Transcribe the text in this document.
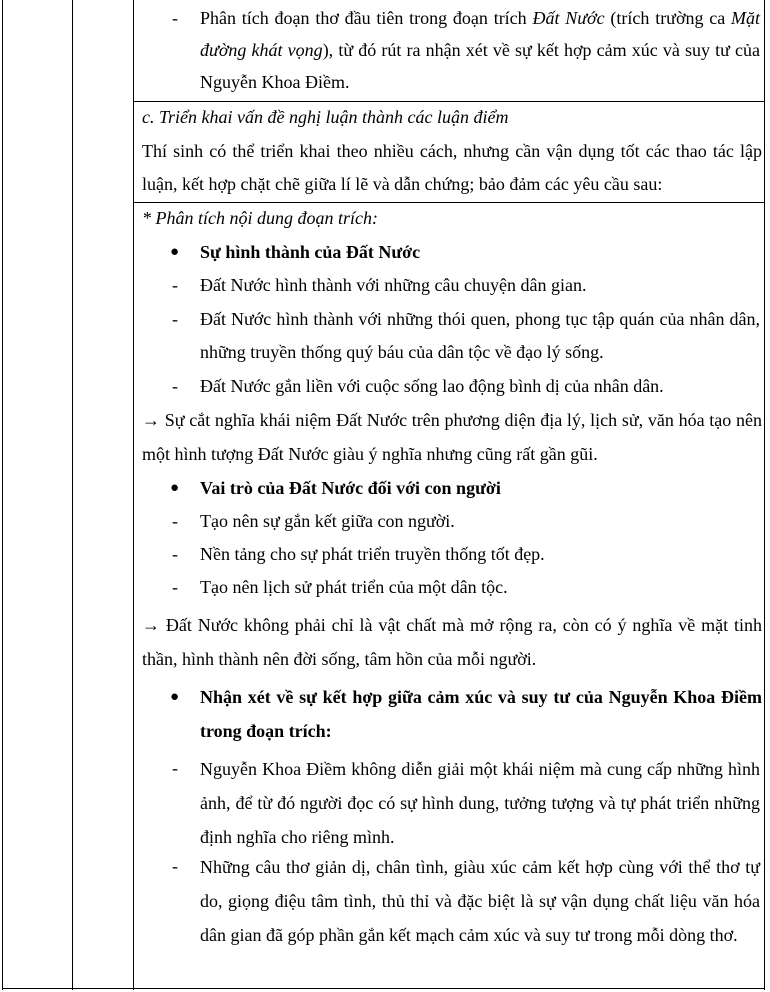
- Phân tích đoạn thơ đầu tiên trong đoạn trích Đất Nước (trích trường ca Mặt đường khát vọng), từ đó rút ra nhận xét về sự kết hợp cảm xúc và suy tư của Nguyễn Khoa Điềm.
c. Triển khai vấn đề nghị luận thành các luận điểm
Thí sinh có thể triển khai theo nhiều cách, nhưng cần vận dụng tốt các thao tác lập luận, kết hợp chặt chẽ giữa lí lẽ và dẫn chứng; bảo đảm các yêu cầu sau:
* Phân tích nội dung đoạn trích:
● Sự hình thành của Đất Nước
- Đất Nước hình thành với những câu chuyện dân gian.
- Đất Nước hình thành với những thói quen, phong tục tập quán của nhân dân, những truyền thống quý báu của dân tộc về đạo lý sống.
- Đất Nước gắn liền với cuộc sống lao động bình dị của nhân dân.
→ Sự cắt nghĩa khái niệm Đất Nước trên phương diện địa lý, lịch sử, văn hóa tạo nên một hình tượng Đất Nước giàu ý nghĩa nhưng cũng rất gần gũi.
● Vai trò của Đất Nước đối với con người
- Tạo nên sự gắn kết giữa con người.
- Nền tảng cho sự phát triển truyền thống tốt đẹp.
- Tạo nên lịch sử phát triển của một dân tộc.
→ Đất Nước không phải chỉ là vật chất mà mở rộng ra, còn có ý nghĩa về mặt tinh thần, hình thành nên đời sống, tâm hồn của mỗi người.
● Nhận xét về sự kết hợp giữa cảm xúc và suy tư của Nguyễn Khoa Điềm trong đoạn trích:
- Nguyễn Khoa Điềm không diễn giải một khái niệm mà cung cấp những hình ảnh, để từ đó người đọc có sự hình dung, tưởng tượng và tự phát triển những định nghĩa cho riêng mình.
- Những câu thơ giản dị, chân tình, giàu xúc cảm kết hợp cùng với thể thơ tự do, giọng điệu tâm tình, thủ thỉ và đặc biệt là sự vận dụng chất liệu văn hóa dân gian đã góp phần gắn kết mạch cảm xúc và suy tư trong mỗi dòng thơ.
